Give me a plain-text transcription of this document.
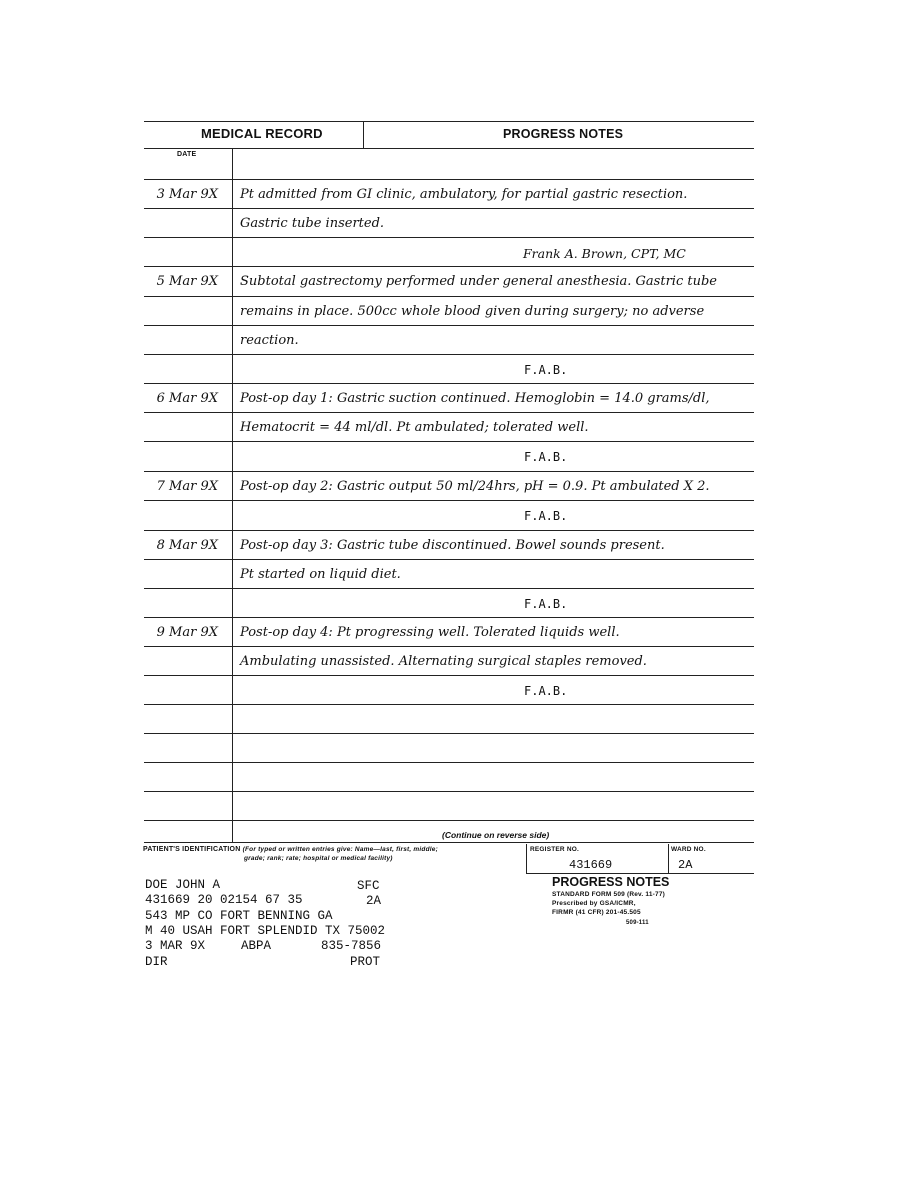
MEDICAL RECORD	PROGRESS NOTES
DATE
3 Mar 9X Pt admitted from GI clinic, ambulatory, for partial gastric resection.
Gastric tube inserted.
Frank A. Brown, CPT, MC
5 Mar 9X Subtotal gastrectomy performed under general anesthesia. Gastric tube
remains in place. 500cc whole blood given during surgery; no adverse
reaction.
F.A.B.
6 Mar 9X Post-op day 1: Gastric suction continued. Hemoglobin = 14.0 grams/dl,
Hematocrit = 44 ml/dl. Pt ambulated; tolerated well.
F.A.B.
7 Mar 9X Post-op day 2: Gastric output 50 ml/24hrs, pH = 0.9. Pt ambulated X 2.
F.A.B.
8 Mar 9X Post-op day 3: Gastric tube discontinued. Bowel sounds present.
Pt started on liquid diet.
F.A.B.
9 Mar 9X Post-op day 4: Pt progressing well. Tolerated liquids well.
Ambulating unassisted. Alternating surgical staples removed.
F.A.B.
(Continue on reverse side)
PATIENT'S IDENTIFICATION (For typed or written entries give: Name—last, first, middle;
grade; rank; rate; hospital or medical facility)
REGISTER NO.
431669
WARD NO.
2A
PROGRESS NOTES
STANDARD FORM 509 (Rev. 11-77)
Prescribed by GSA/ICMR,
FIRMR (41 CFR) 201-45.505
509-111
DOE JOHN A	SFC
431669 20 02154 67 35	2A
543 MP CO FORT BENNING GA
M 40 USAH FORT SPLENDID TX 75002
3 MAR 9X	ABPA	835-7856
DIR	PROT
